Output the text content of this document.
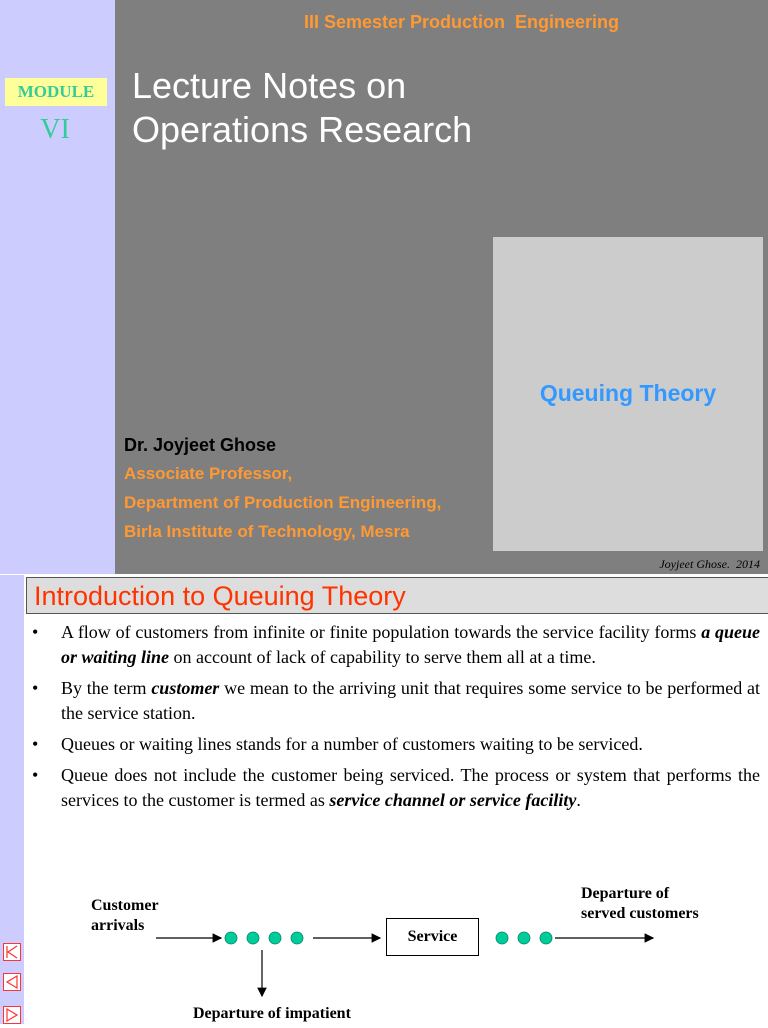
MODULE
VI
III Semester Production  Engineering
Lecture Notes on
Operations Research
Queuing Theory
Dr. Joyjeet Ghose
Associate Professor,
Department of Production Engineering,
Birla Institute of Technology, Mesra
Joyjeet Ghose.  2014
Introduction to Queuing Theory
• A flow of customers from infinite or finite population towards the service facility forms a queue or waiting line on account of lack of capability to serve them all at a time.
• By the term customer we mean to the arriving unit that requires some service to be performed at the service station.
• Queues or waiting lines stands for a number of customers waiting to be serviced.
• Queue does not include the customer being serviced. The process or system that performs the services to the customer is termed as service channel or service facility.
Customer
arrivals
Departure of
served customers
Service
Departure of impatient
